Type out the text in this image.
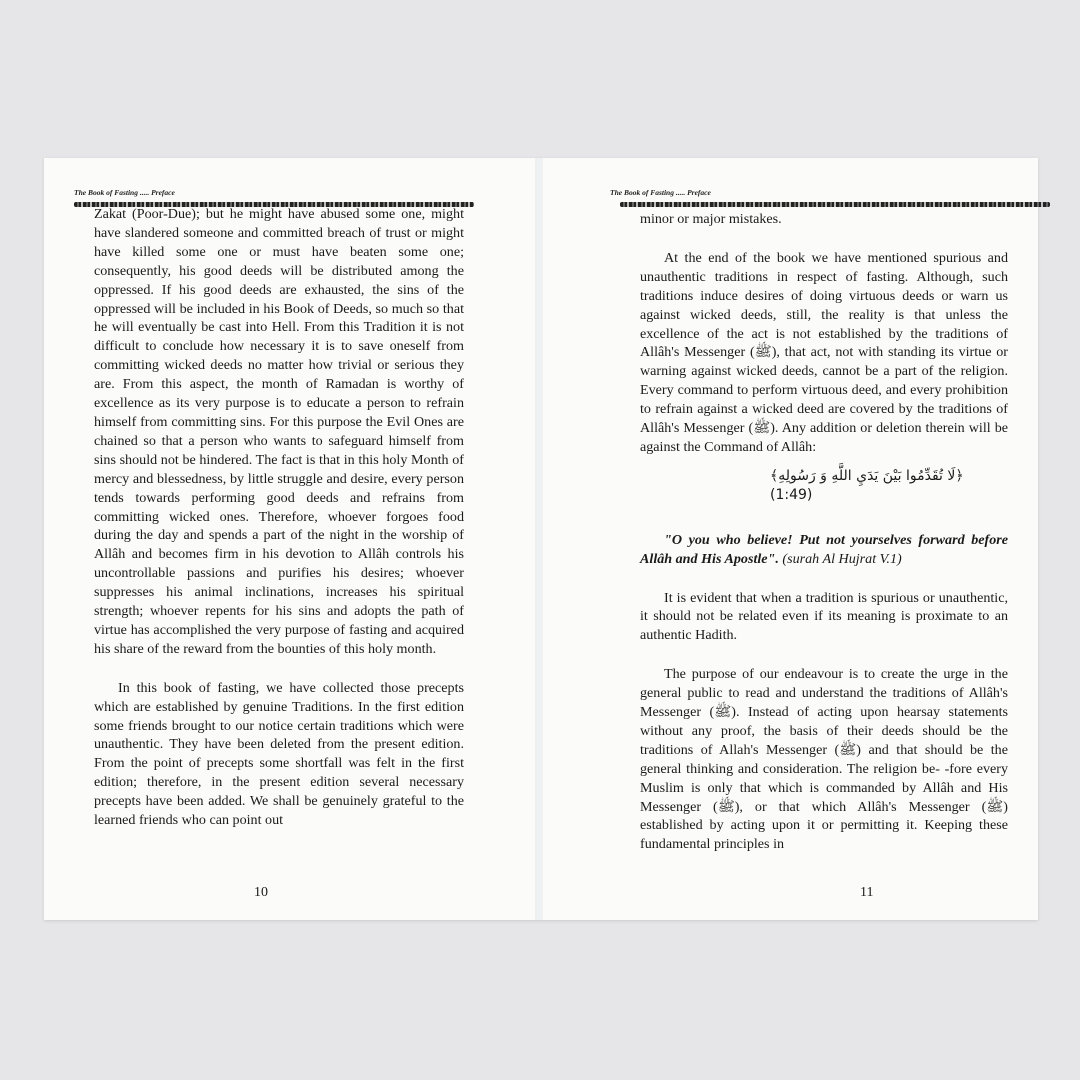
The Book of Fasting ..... Preface

Zakat (Poor-Due); but he might have abused some one, might have slandered someone and committed breach of trust or might have killed some one or must have beaten some one; consequently, his good deeds will be distributed among the oppressed. If his good deeds are exhausted, the sins of the oppressed will be included in his Book of Deeds, so much so that he will eventually be cast into Hell. From this Tradition it is not difficult to conclude how necessary it is to save oneself from committing wicked deeds no matter how trivial or serious they are. From this aspect, the month of Ramadan is worthy of excellence as its very purpose is to educate a person to refrain himself from committing sins. For this purpose the Evil Ones are chained so that a person who wants to safeguard himself from sins should not be hindered. The fact is that in this holy Month of mercy and blessedness, by little struggle and desire, every person tends towards performing good deeds and refrains from committing wicked ones. Therefore, whoever forgoes food during the day and spends a part of the night in the worship of Allâh and becomes firm in his devotion to Allâh controls his uncontrollable passions and purifies his desires; whoever suppresses his animal inclinations, increases his spiritual strength; whoever repents for his sins and adopts the path of virtue has accomplished the very purpose of fasting and acquired his share of the reward from the bounties of this holy month.

In this book of fasting, we have collected those precepts which are established by genuine Traditions. In the first edition some friends brought to our notice certain traditions which were unauthentic. They have been deleted from the present edition. From the point of precepts some shortfall was felt in the first edition; therefore, in the present edition several necessary precepts have been added. We shall be genuinely grateful to the learned friends who can point out

10
The Book of Fasting ..... Preface

minor or major mistakes.

At the end of the book we have mentioned spurious and unauthentic traditions in respect of fasting. Although, such traditions induce desires of doing virtuous deeds or warn us against wicked deeds, still, the reality is that unless the excellence of the act is not established by the traditions of Allâh's Messenger (ﷺ), that act, not with standing its virtue or warning against wicked deeds, cannot be a part of the religion. Every command to perform virtuous deed, and every prohibition to refrain against a wicked deed are covered by the traditions of Allâh's Messenger (ﷺ). Any addition or deletion therein will be against the Command of Allâh:

﴿لَا تُقَدِّمُوا بَيْنَ يَدَيِ اللَّهِ وَ رَسُولِهِ﴾ (1:49)

"O you who believe! Put not yourselves forward before Allâh and His Apostle". (surah Al Hujrat V.1)

It is evident that when a tradition is spurious or unauthentic, it should not be related even if its meaning is proximate to an authentic Hadith.

The purpose of our endeavour is to create the urge in the general public to read and understand the traditions of Allâh's Messenger (ﷺ). Instead of acting upon hearsay statements without any proof, the basis of their deeds should be the traditions of Allah's Messenger (ﷺ) and that should be the general thinking and consideration. The religion be- -fore every Muslim is only that which is commanded by Allâh and His Messenger (ﷺ), or that which Allâh's Messenger (ﷺ) established by acting upon it or permitting it. Keeping these fundamental principles in

11
